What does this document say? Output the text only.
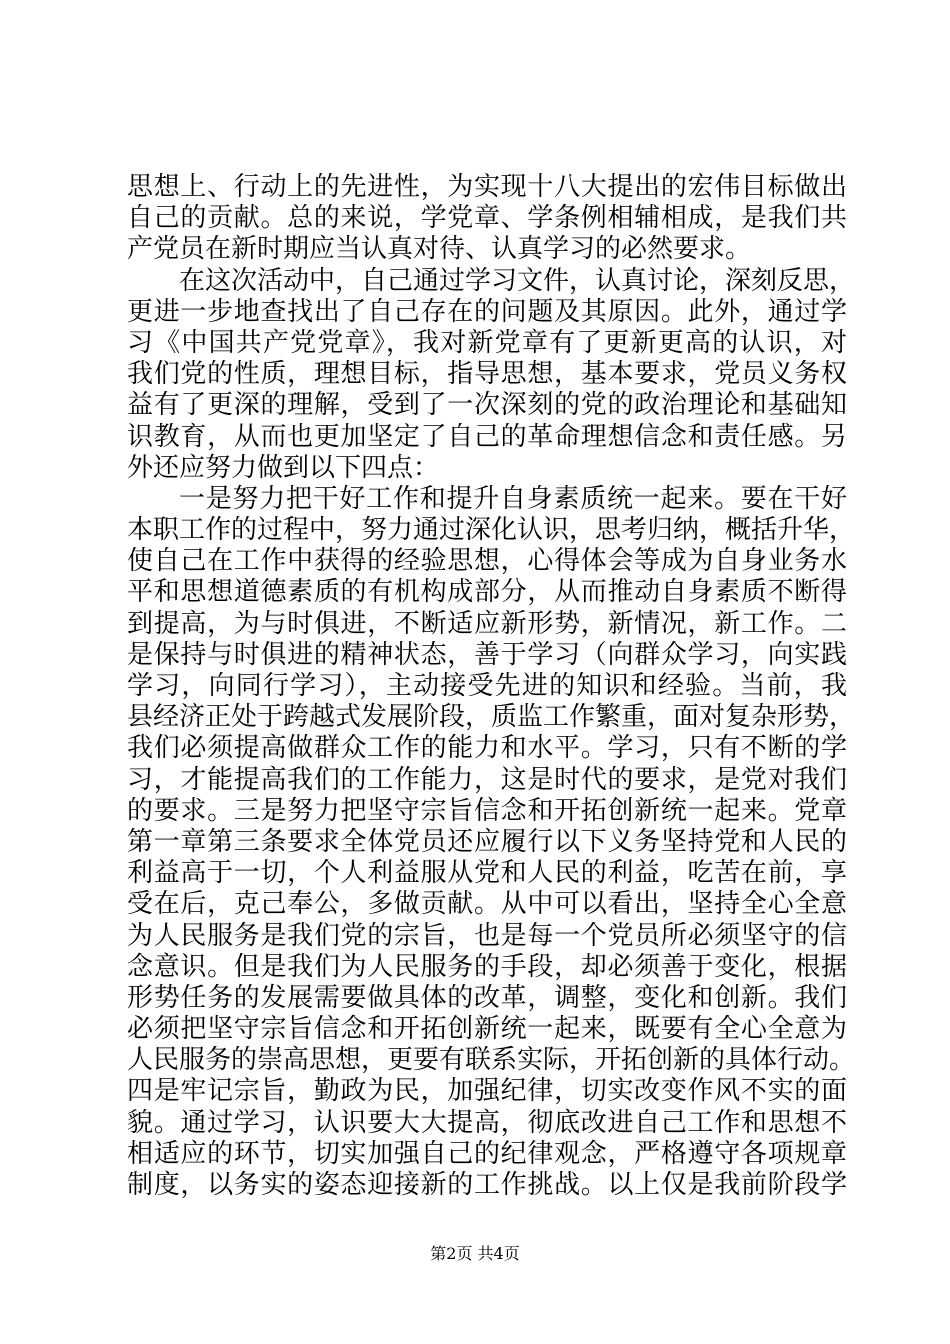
思想上、行动上的先进性，为实现十八大提出的宏伟目标做出
自己的贡献。总的来说，学党章、学条例相辅相成，是我们共
产党员在新时期应当认真对待、认真学习的必然要求。
在这次活动中，自己通过学习文件，认真讨论，深刻反思，
更进一步地查找出了自己存在的问题及其原因。此外，通过学
习《中国共产党党章》，我对新党章有了更新更高的认识，对
我们党的性质，理想目标，指导思想，基本要求，党员义务权
益有了更深的理解，受到了一次深刻的党的政治理论和基础知
识教育，从而也更加坚定了自己的革命理想信念和责任感。另
外还应努力做到以下四点：
一是努力把干好工作和提升自身素质统一起来。要在干好
本职工作的过程中，努力通过深化认识，思考归纳，概括升华，
使自己在工作中获得的经验思想，心得体会等成为自身业务水
平和思想道德素质的有机构成部分，从而推动自身素质不断得
到提高，为与时俱进，不断适应新形势，新情况，新工作。二
是保持与时俱进的精神状态，善于学习（向群众学习，向实践
学习，向同行学习），主动接受先进的知识和经验。当前，我
县经济正处于跨越式发展阶段，质监工作繁重，面对复杂形势，
我们必须提高做群众工作的能力和水平。学习，只有不断的学
习，才能提高我们的工作能力，这是时代的要求，是党对我们
的要求。三是努力把坚守宗旨信念和开拓创新统一起来。党章
第一章第三条要求全体党员还应履行以下义务坚持党和人民的
利益高于一切，个人利益服从党和人民的利益，吃苦在前，享
受在后，克己奉公，多做贡献。从中可以看出，坚持全心全意
为人民服务是我们党的宗旨，也是每一个党员所必须坚守的信
念意识。但是我们为人民服务的手段，却必须善于变化，根据
形势任务的发展需要做具体的改革，调整，变化和创新。我们
必须把坚守宗旨信念和开拓创新统一起来，既要有全心全意为
人民服务的崇高思想，更要有联系实际，开拓创新的具体行动。
四是牢记宗旨，勤政为民，加强纪律，切实改变作风不实的面
貌。通过学习，认识要大大提高，彻底改进自己工作和思想不
相适应的环节，切实加强自己的纪律观念，严格遵守各项规章
制度，以务实的姿态迎接新的工作挑战。以上仅是我前阶段学
第2页 共4页
